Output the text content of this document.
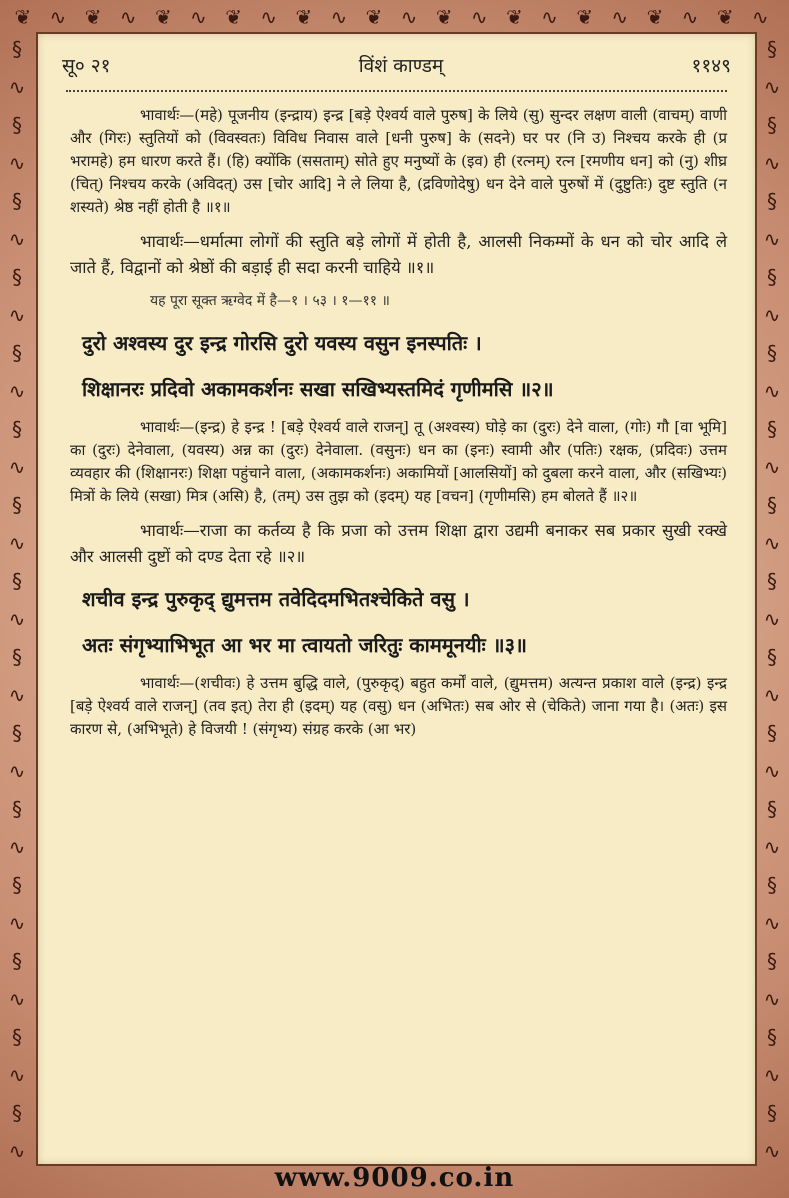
❦ ∿ ❦ ∿ ❦ ∿ ❦ ∿ ❦ ∿ ❦ ∿ ❦ ∿ ❦ ∿ ❦ ∿ ❦ ∿ ❦ ∿
§
∿
§
∿
§
∿
§
∿
§
∿
§
∿
§
∿
§
∿
§
∿
§
∿
§
∿
§
∿
§
∿
§
∿
§
∿
§
∿
§
∿
§
∿
§
∿
§
∿
§
∿
§
∿
§
∿
§
∿
§
∿
§
∿
§
∿
§
∿
§
∿
§
∿
सू० २१	विंशं काण्डम्	११४९

भावार्थः—(महे) पूजनीय (इन्द्राय) इन्द्र [बड़े ऐश्वर्य वाले पुरुष] के लिये (सु) सुन्दर लक्षण वाली (वाचम्) वाणी और (गिरः) स्तुतियों को (विवस्वतः) विविध निवास वाले [धनी पुरुष] के (सदने) घर पर (नि उ) निश्चय करके ही (प्र भरामहे) हम धारण करते हैं। (हि) क्योंकि (ससताम्) सोते हुए मनुष्यों के (इव) ही (रत्नम्) रत्न [रमणीय धन] को (नु) शीघ्र (चित्) निश्चय करके (अविदत्) उस [चोर आदि] ने ले लिया है, (द्रविणोदेषु) धन देने वाले पुरुषों में (दुष्टुतिः) दुष्ट स्तुति (न शस्यते) श्रेष्ठ नहीं होती है ॥१॥

भावार्थः—धर्मात्मा लोगों की स्तुति बड़े लोगों में होती है, आलसी निकम्मों के धन को चोर आदि ले जाते हैं, विद्वानों को श्रेष्ठों की बड़ाई ही सदा करनी चाहिये ॥१॥

यह पूरा सूक्त ऋग्वेद में है—१ । ५३ । १—११ ॥

दुरो अश्वस्य दुर इन्द्र गोरसि दुरो यवस्य वसुन इनस्पतिः ।
शिक्षानरः प्रदिवो अकामकर्शनः सखा सखिभ्यस्तमिदं गृणीमसि ॥२॥

भावार्थः—(इन्द्र) हे इन्द्र ! [बड़े ऐश्वर्य वाले राजन्] तू (अश्वस्य) घोड़े का (दुरः) देने वाला, (गोः) गौ [वा भूमि] का (दुरः) देनेवाला, (यवस्य) अन्न का (दुरः) देनेवाला. (वसुनः) धन का (इनः) स्वामी और (पतिः) रक्षक, (प्रदिवः) उत्तम व्यवहार की (शिक्षानरः) शिक्षा पहुंचाने वाला, (अकामकर्शनः) अकामियों [आलसियों] को दुबला करने वाला, और (सखिभ्यः) मित्रों के लिये (सखा) मित्र (असि) है, (तम्) उस तुझ को (इदम्) यह [वचन] (गृणीमसि) हम बोलते हैं ॥२॥

भावार्थः—राजा का कर्तव्य है कि प्रजा को उत्तम शिक्षा द्वारा उद्यमी बनाकर सब प्रकार सुखी रक्खे और आलसी दुष्टों को दण्ड देता रहे ॥२॥

शचीव इन्द्र पुरुकृद् द्युमत्तम तवेदिदमभितश्चेकिते वसु ।
अतः संगृभ्याभिभूत आ भर मा त्वायतो जरितुः काममूनयीः ॥३॥

भावार्थः—(शचीवः) हे उत्तम बुद्धि वाले, (पुरुकृद्) बहुत कर्मों वाले, (द्युमत्तम) अत्यन्त प्रकाश वाले (इन्द्र) इन्द्र [बड़े ऐश्वर्य वाले राजन्] (तव इत्) तेरा ही (इदम्) यह (वसु) धन (अभितः) सब ओर से (चेकिते) जाना गया है। (अतः) इस कारण से, (अभिभूते) हे विजयी ! (संगृभ्य) संग्रह करके (आ भर)

www.9009.co.in
